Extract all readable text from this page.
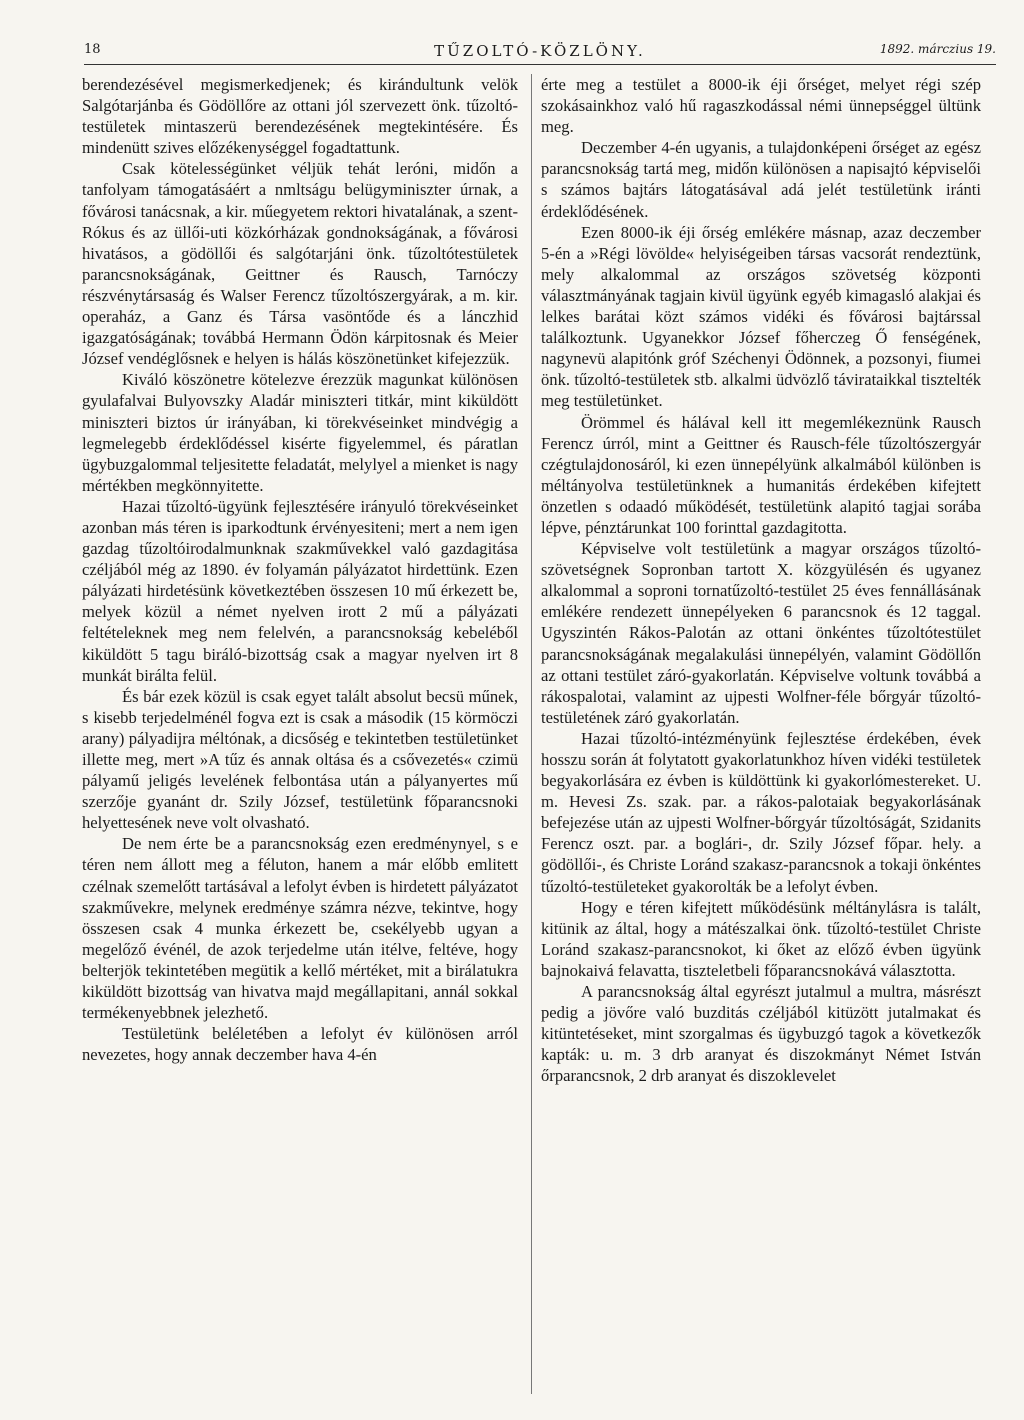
18	TŰZOLTÓ-KÖZLÖNY.	1892. márczius 19.

berendezésével megismerkedjenek; és kirándultunk velök Salgótarjánba és Gödöllőre az ottani jól szervezett önk. tűzoltó-testületek mintaszerü berendezésének megtekintésére. És mindenütt szives előzékenységgel fogadtattunk.

Csak kötelességünket véljük tehát leróni, midőn a tanfolyam támogatásáért a nmltságu belügyminiszter úrnak, a fővárosi tanácsnak, a kir. műegyetem rektori hivatalának, a szent-Rókus és az üllői-uti közkórházak gondnokságának, a fővárosi hivatásos, a gödöllői és salgótarjáni önk. tűzoltótestületek parancsnokságának, Geittner és Rausch, Tarnóczy részvénytársaság és Walser Ferencz tűzoltószergyárak, a m. kir. operaház, a Ganz és Társa vasöntőde és a lánczhid igazgatóságának; továbbá Hermann Ödön kárpitosnak és Meier József vendéglősnek e helyen is hálás köszönetünket kifejezzük.

Kiváló köszönetre kötelezve érezzük magunkat különösen gyulafalvai Bulyovszky Aladár miniszteri titkár, mint kiküldött miniszteri biztos úr irányában, ki törekvéseinket mindvégig a legmelegebb érdeklődéssel kisérte figyelemmel, és páratlan ügybuzgalommal teljesitette feladatát, melylyel a mienket is nagy mértékben megkönnyitette.

Hazai tűzoltó-ügyünk fejlesztésére irányuló törekvéseinket azonban más téren is iparkodtunk érvényesiteni; mert a nem igen gazdag tűzoltóirodalmunknak szakművekkel való gazdagitása czéljából még az 1890. év folyamán pályázatot hirdettünk. Ezen pályázati hirdetésünk következtében összesen 10 mű érkezett be, melyek közül a német nyelven irott 2 mű a pályázati feltételeknek meg nem felelvén, a parancsnokság kebeléből kiküldött 5 tagu biráló-bizottság csak a magyar nyelven irt 8 munkát birálta felül.

És bár ezek közül is csak egyet talált absolut becsü műnek, s kisebb terjedelménél fogva ezt is csak a második (15 körmöczi arany) pályadijra méltónak, a dicsőség e tekintetben testületünket illette meg, mert »A tűz és annak oltása és a csővezetés« czimü pályamű jeligés levelének felbontása után a pályanyertes mű szerzője gyanánt dr. Szily József, testületünk főparancsnoki helyettesének neve volt olvasható.

De nem érte be a parancsnokság ezen eredménynyel, s e téren nem állott meg a féluton, hanem a már előbb emlitett czélnak szemelőtt tartásával a lefolyt évben is hirdetett pályázatot szakművekre, melynek eredménye számra nézve, tekintve, hogy összesen csak 4 munka érkezett be, csekélyebb ugyan a megelőző événél, de azok terjedelme után itélve, feltéve, hogy belterjök tekintetében megütik a kellő mértéket, mit a birálatukra kiküldött bizottság van hivatva majd megállapitani, annál sokkal termékenyebbnek jelezhető.

Testületünk beléletében a lefolyt év különösen arról nevezetes, hogy annak deczember hava 4-én

érte meg a testület a 8000-ik éji őrséget, melyet régi szép szokásainkhoz való hű ragaszkodással némi ünnepséggel ültünk meg.

Deczember 4-én ugyanis, a tulajdonképeni őrséget az egész parancsnokság tartá meg, midőn különösen a napisajtó képviselői s számos bajtárs látogatásával adá jelét testületünk iránti érdeklődésének.

Ezen 8000-ik éji őrség emlékére másnap, azaz deczember 5-én a »Régi lövölde« helyiségeiben társas vacsorát rendeztünk, mely alkalommal az országos szövetség központi választmányának tagjain kivül ügyünk egyéb kimagasló alakjai és lelkes barátai közt számos vidéki és fővárosi bajtárssal találkoztunk. Ugyanekkor József főherczeg Ő fenségének, nagynevü alapitónk gróf Széchenyi Ödönnek, a pozsonyi, fiumei önk. tűzoltó-testületek stb. alkalmi üdvözlő távirataikkal tisztelték meg testületünket.

Örömmel és hálával kell itt megemlékeznünk Rausch Ferencz úrról, mint a Geittner és Rausch-féle tűzoltószergyár czégtulajdonosáról, ki ezen ünnepélyünk alkalmából különben is méltányolva testületünknek a humanitás érdekében kifejtett önzetlen s odaadó működését, testületünk alapitó tagjai sorába lépve, pénztárunkat 100 forinttal gazdagitotta.

Képviselve volt testületünk a magyar országos tűzoltó-szövetségnek Sopronban tartott X. közgyülésén és ugyanez alkalommal a soproni tornatűzoltó-testület 25 éves fennállásának emlékére rendezett ünnepélyeken 6 parancsnok és 12 taggal. Ugyszintén Rákos-Palotán az ottani önkéntes tűzoltótestület parancsnokságának megalakulási ünnepélyén, valamint Gödöllőn az ottani testület záró-gyakorlatán. Képviselve voltunk továbbá a rákospalotai, valamint az ujpesti Wolfner-féle bőrgyár tűzoltó-testületének záró gyakorlatán.

Hazai tűzoltó-intézményünk fejlesztése érdekében, évek hosszu során át folytatott gyakorlatunkhoz híven vidéki testületek begyakorlására ez évben is küldöttünk ki gyakorlómestereket. U. m. Hevesi Zs. szak. par. a rákos-palotaiak begyakorlásának befejezése után az ujpesti Wolfner-bőrgyár tűzoltóságát, Szidanits Ferencz oszt. par. a boglári-, dr. Szily József főpar. hely. a gödöllői-, és Christe Loránd szakasz-parancsnok a tokaji önkéntes tűzoltó-testületeket gyakorolták be a lefolyt évben.

Hogy e téren kifejtett működésünk méltánylásra is talált, kitünik az által, hogy a mátészalkai önk. tűzoltó-testület Christe Loránd szakasz-parancsnokot, ki őket az előző évben ügyünk bajnokaivá felavatta, tiszteletbeli főparancsnokává választotta.

A parancsnokság által egyrészt jutalmul a multra, másrészt pedig a jövőre való buzditás czéljából kitüzött jutalmakat és kitüntetéseket, mint szorgalmas és ügybuzgó tagok a következők kapták: u. m. 3 drb aranyat és diszokmányt Német István őrparancsnok, 2 drb aranyat és diszoklevelet
